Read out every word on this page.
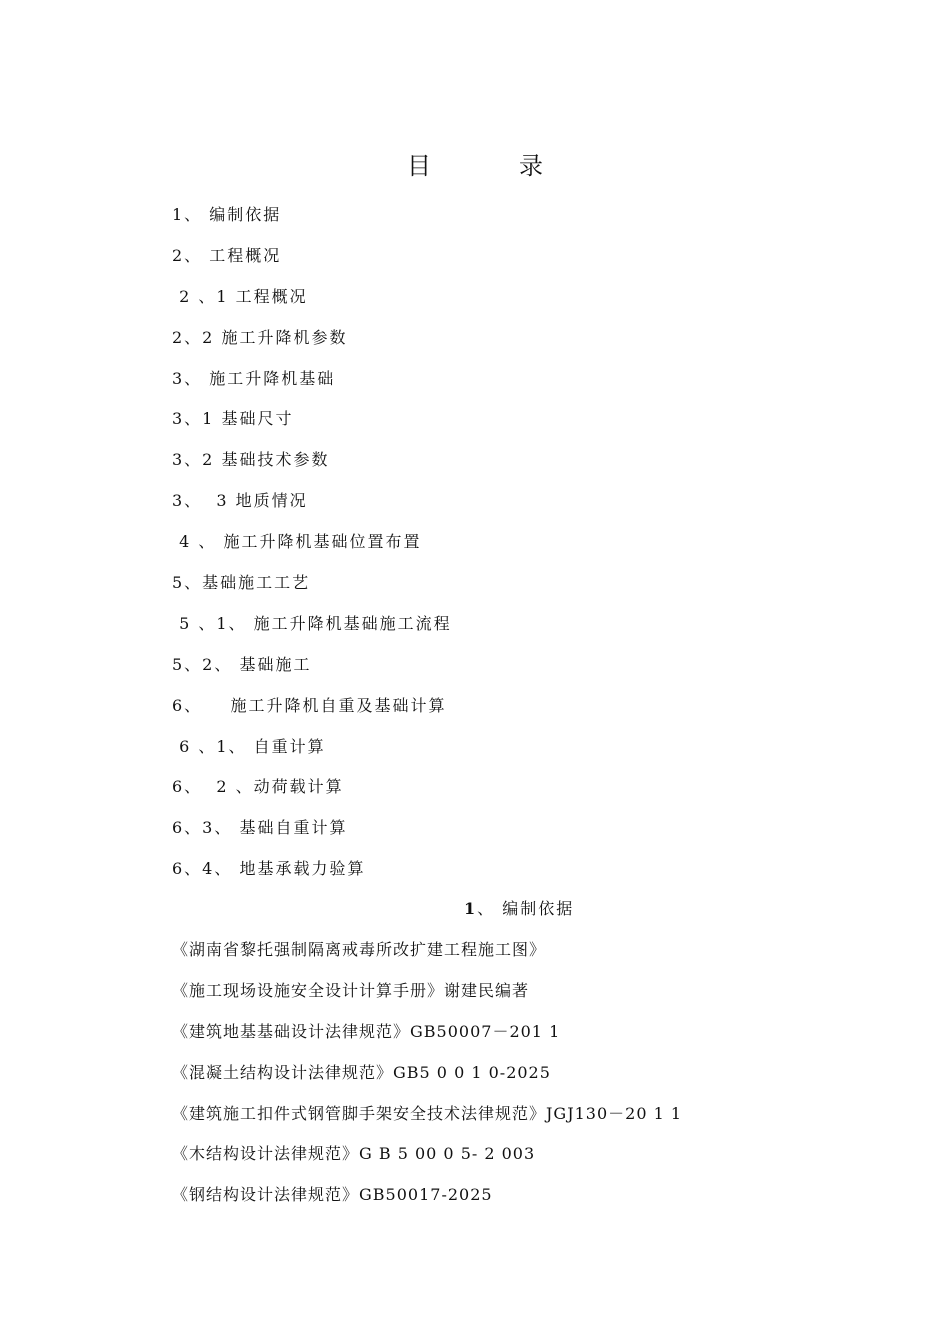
目	录
1、 编制依据
2、 工程概况
2 、1 工程概况
2、2 施工升降机参数
3、 施工升降机基础
3、1 基础尺寸
3、2 基础技术参数
3、  3 地质情况
4 、 施工升降机基础位置布置
5、基础施工工艺
5 、1、 施工升降机基础施工流程
5、2、 基础施工
6、    施工升降机自重及基础计算
6 、1、 自重计算
6、  2 、动荷载计算
6、3、 基础自重计算
6、4、 地基承载力验算
1、 编制依据
《湖南省黎托强制隔离戒毒所改扩建工程施工图》
《施工现场设施安全设计计算手册》谢建民编著
《建筑地基基础设计法律规范》GB50007－201 1
《混凝土结构设计法律规范》GB5 0 0 1 0-2025
《建筑施工扣件式钢管脚手架安全技术法律规范》JGJ130－20 1 1
《木结构设计法律规范》G B 5 00 0 5- 2 003
《钢结构设计法律规范》GB50017-2025
